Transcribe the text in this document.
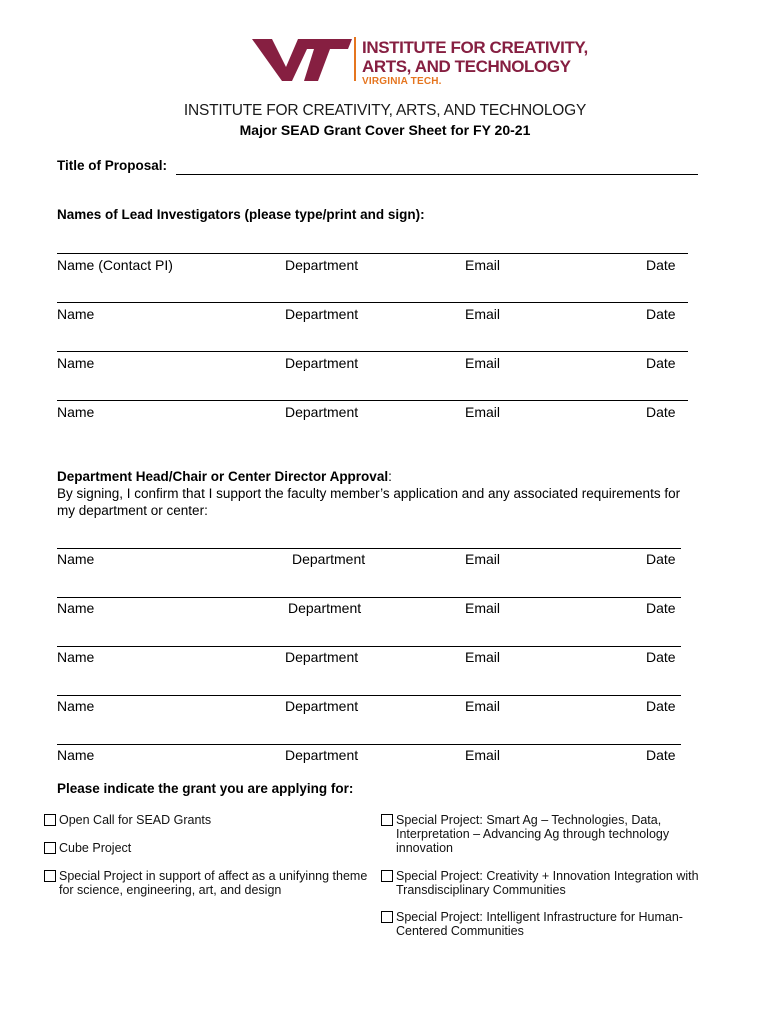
INSTITUTE FOR CREATIVITY,
ARTS, AND TECHNOLOGY
VIRGINIA TECH.
INSTITUTE FOR CREATIVITY, ARTS, AND TECHNOLOGY
Major SEAD Grant Cover Sheet for FY 20-21
Title of Proposal:
Names of Lead Investigators (please type/print and sign):
Name (Contact PI)	Department	Email	Date
Name	Department	Email	Date
Name	Department	Email	Date
Name	Department	Email	Date
Department Head/Chair or Center Director Approval:
By signing, I confirm that I support the faculty member’s application and any associated requirements for my department or center:
Name	Department	Email	Date
Name	Department	Email	Date
Name	Department	Email	Date
Name	Department	Email	Date
Name	Department	Email	Date
Please indicate the grant you are applying for:
Open Call for SEAD Grants
Cube Project
Special Project in support of affect as a unifyinng theme for science, engineering, art, and design
Special Project: Smart Ag – Technologies, Data, Interpretation – Advancing Ag through technology innovation
Special Project: Creativity + Innovation Integration with Transdisciplinary Communities
Special Project: Intelligent Infrastructure for Human-Centered Communities
